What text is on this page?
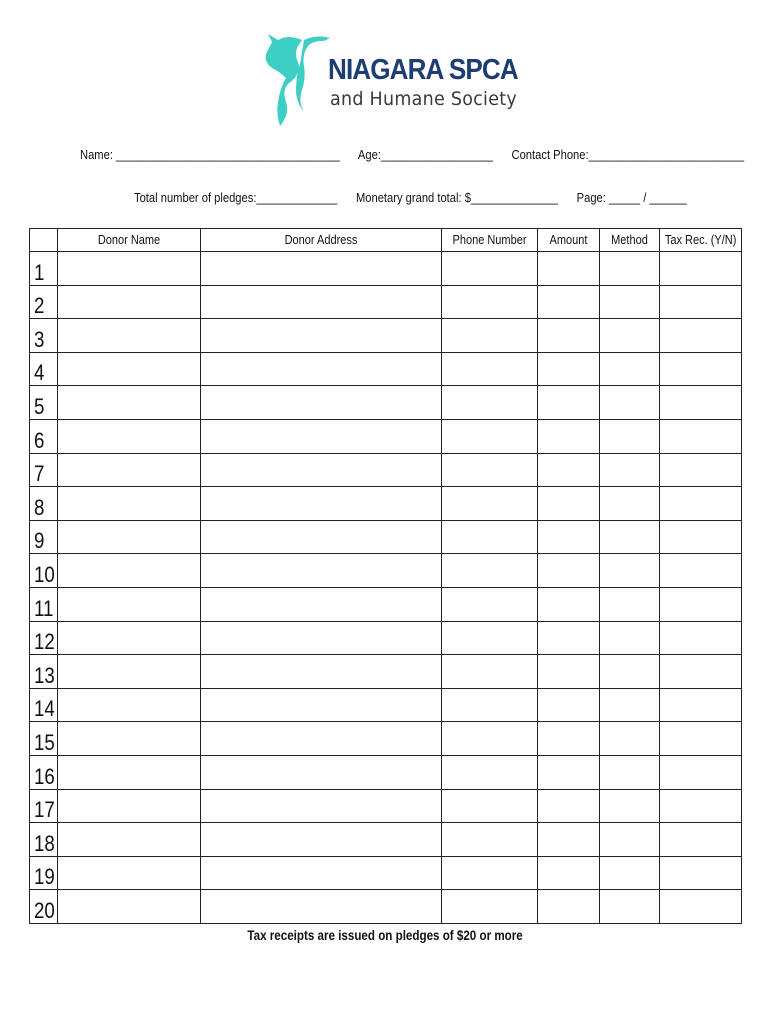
NIAGARA SPCA
and Humane Society
Name: ____________________________________ Age:__________________ Contact Phone:_________________________
Total number of pledges:_____________ Monetary grand total: $______________ Page: _____ / ______

	Donor Name	Donor Address	Phone Number	Amount	Method	Tax Rec. (Y/N)

1						

2						

3						

4						

5						

6						

7						

8						

9						

10						

11						

12						

13						

14						

15						

16						

17						

18						

19						

20						

Tax receipts are issued on pledges of $20 or more
